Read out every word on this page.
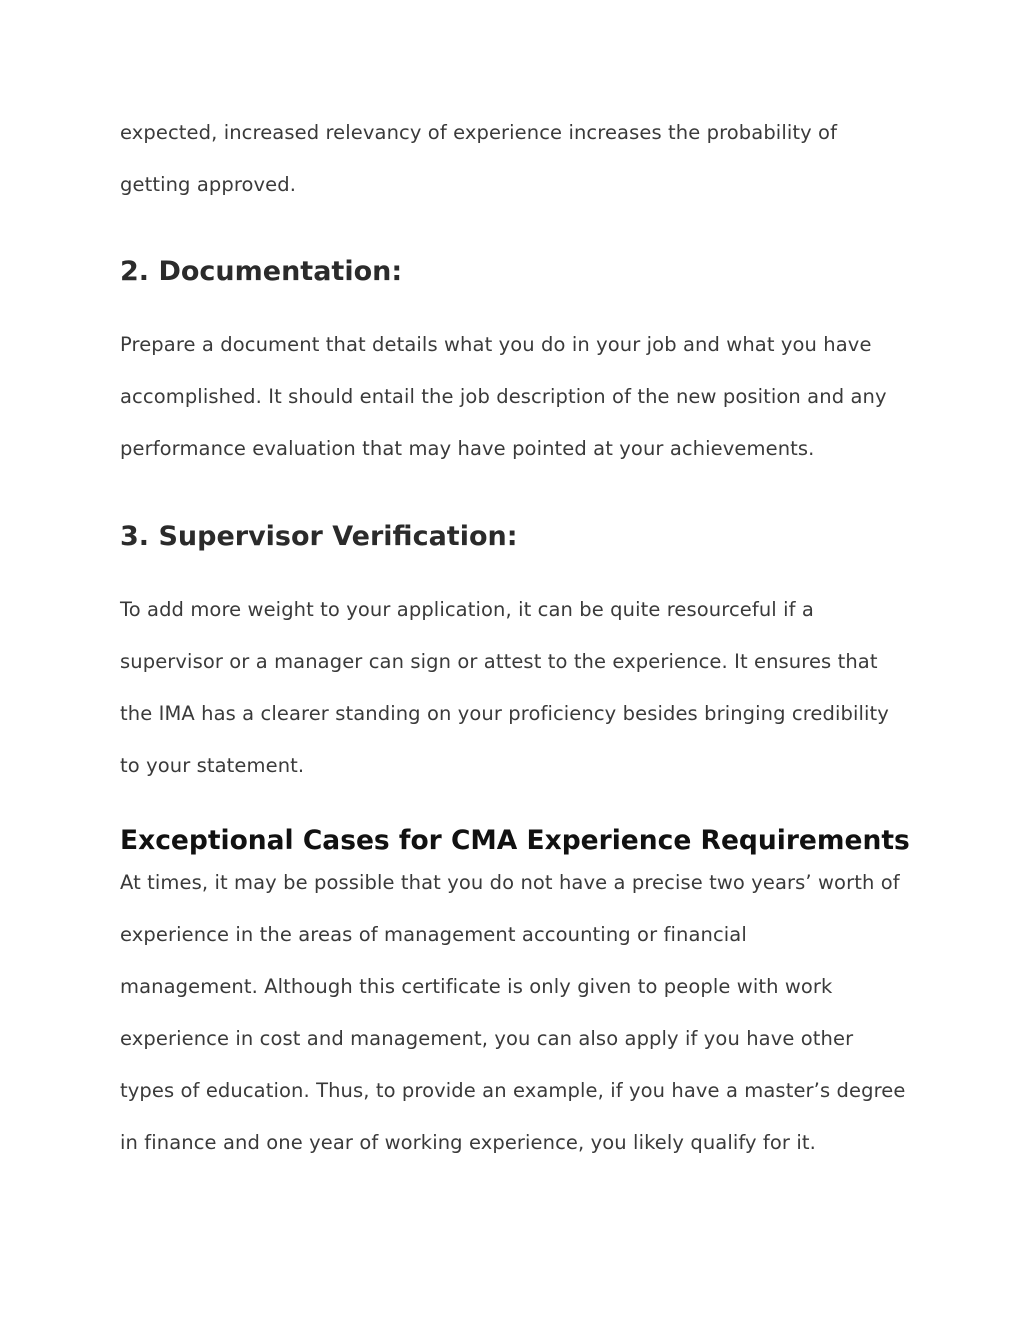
expected, increased relevancy of experience increases the probability of
getting approved.
2. Documentation:
Prepare a document that details what you do in your job and what you have
accomplished. It should entail the job description of the new position and any
performance evaluation that may have pointed at your achievements.
3. Supervisor Verification:
To add more weight to your application, it can be quite resourceful if a
supervisor or a manager can sign or attest to the experience. It ensures that
the IMA has a clearer standing on your proficiency besides bringing credibility
to your statement.
Exceptional Cases for CMA Experience Requirements
At times, it may be possible that you do not have a precise two years’ worth of
experience in the areas of management accounting or financial
management. Although this certificate is only given to people with work
experience in cost and management, you can also apply if you have other
types of education. Thus, to provide an example, if you have a master’s degree
in finance and one year of working experience, you likely qualify for it.
